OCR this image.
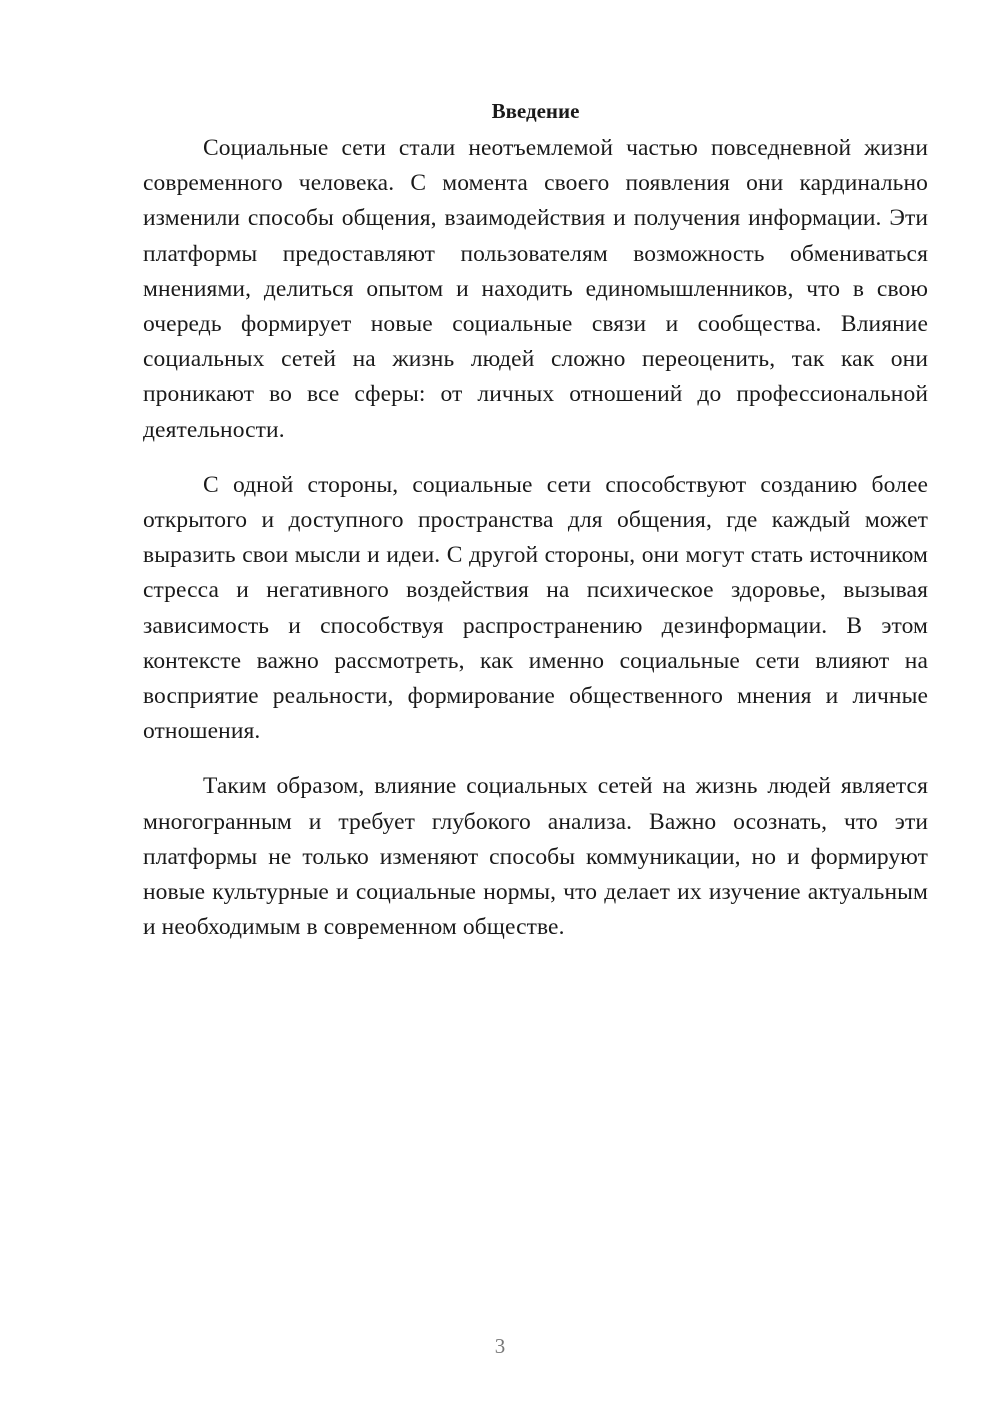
Введение

Социальные сети стали неотъемлемой частью повседневной жизни современного человека. С момента своего появления они кардинально изменили способы общения, взаимодействия и получения информации. Эти платформы предоставляют пользователям возможность обмениваться мнениями, делиться опытом и находить единомышленников, что в свою очередь формирует новые социальные связи и сообщества. Влияние социальных сетей на жизнь людей сложно переоценить, так как они проникают во все сферы: от личных отношений до профессиональной деятельности.

С одной стороны, социальные сети способствуют созданию более открытого и доступного пространства для общения, где каждый может выразить свои мысли и идеи. С другой стороны, они могут стать источником стресса и негативного воздействия на психическое здоровье, вызывая зависимость и способствуя распространению дезинформации. В этом контексте важно рассмотреть, как именно социальные сети влияют на восприятие реальности, формирование общественного мнения и личные отношения.

Таким образом, влияние социальных сетей на жизнь людей является многогранным и требует глубокого анализа. Важно осознать, что эти платформы не только изменяют способы коммуникации, но и формируют новые культурные и социальные нормы, что делает их изучение актуальным и необходимым в современном обществе.

3
